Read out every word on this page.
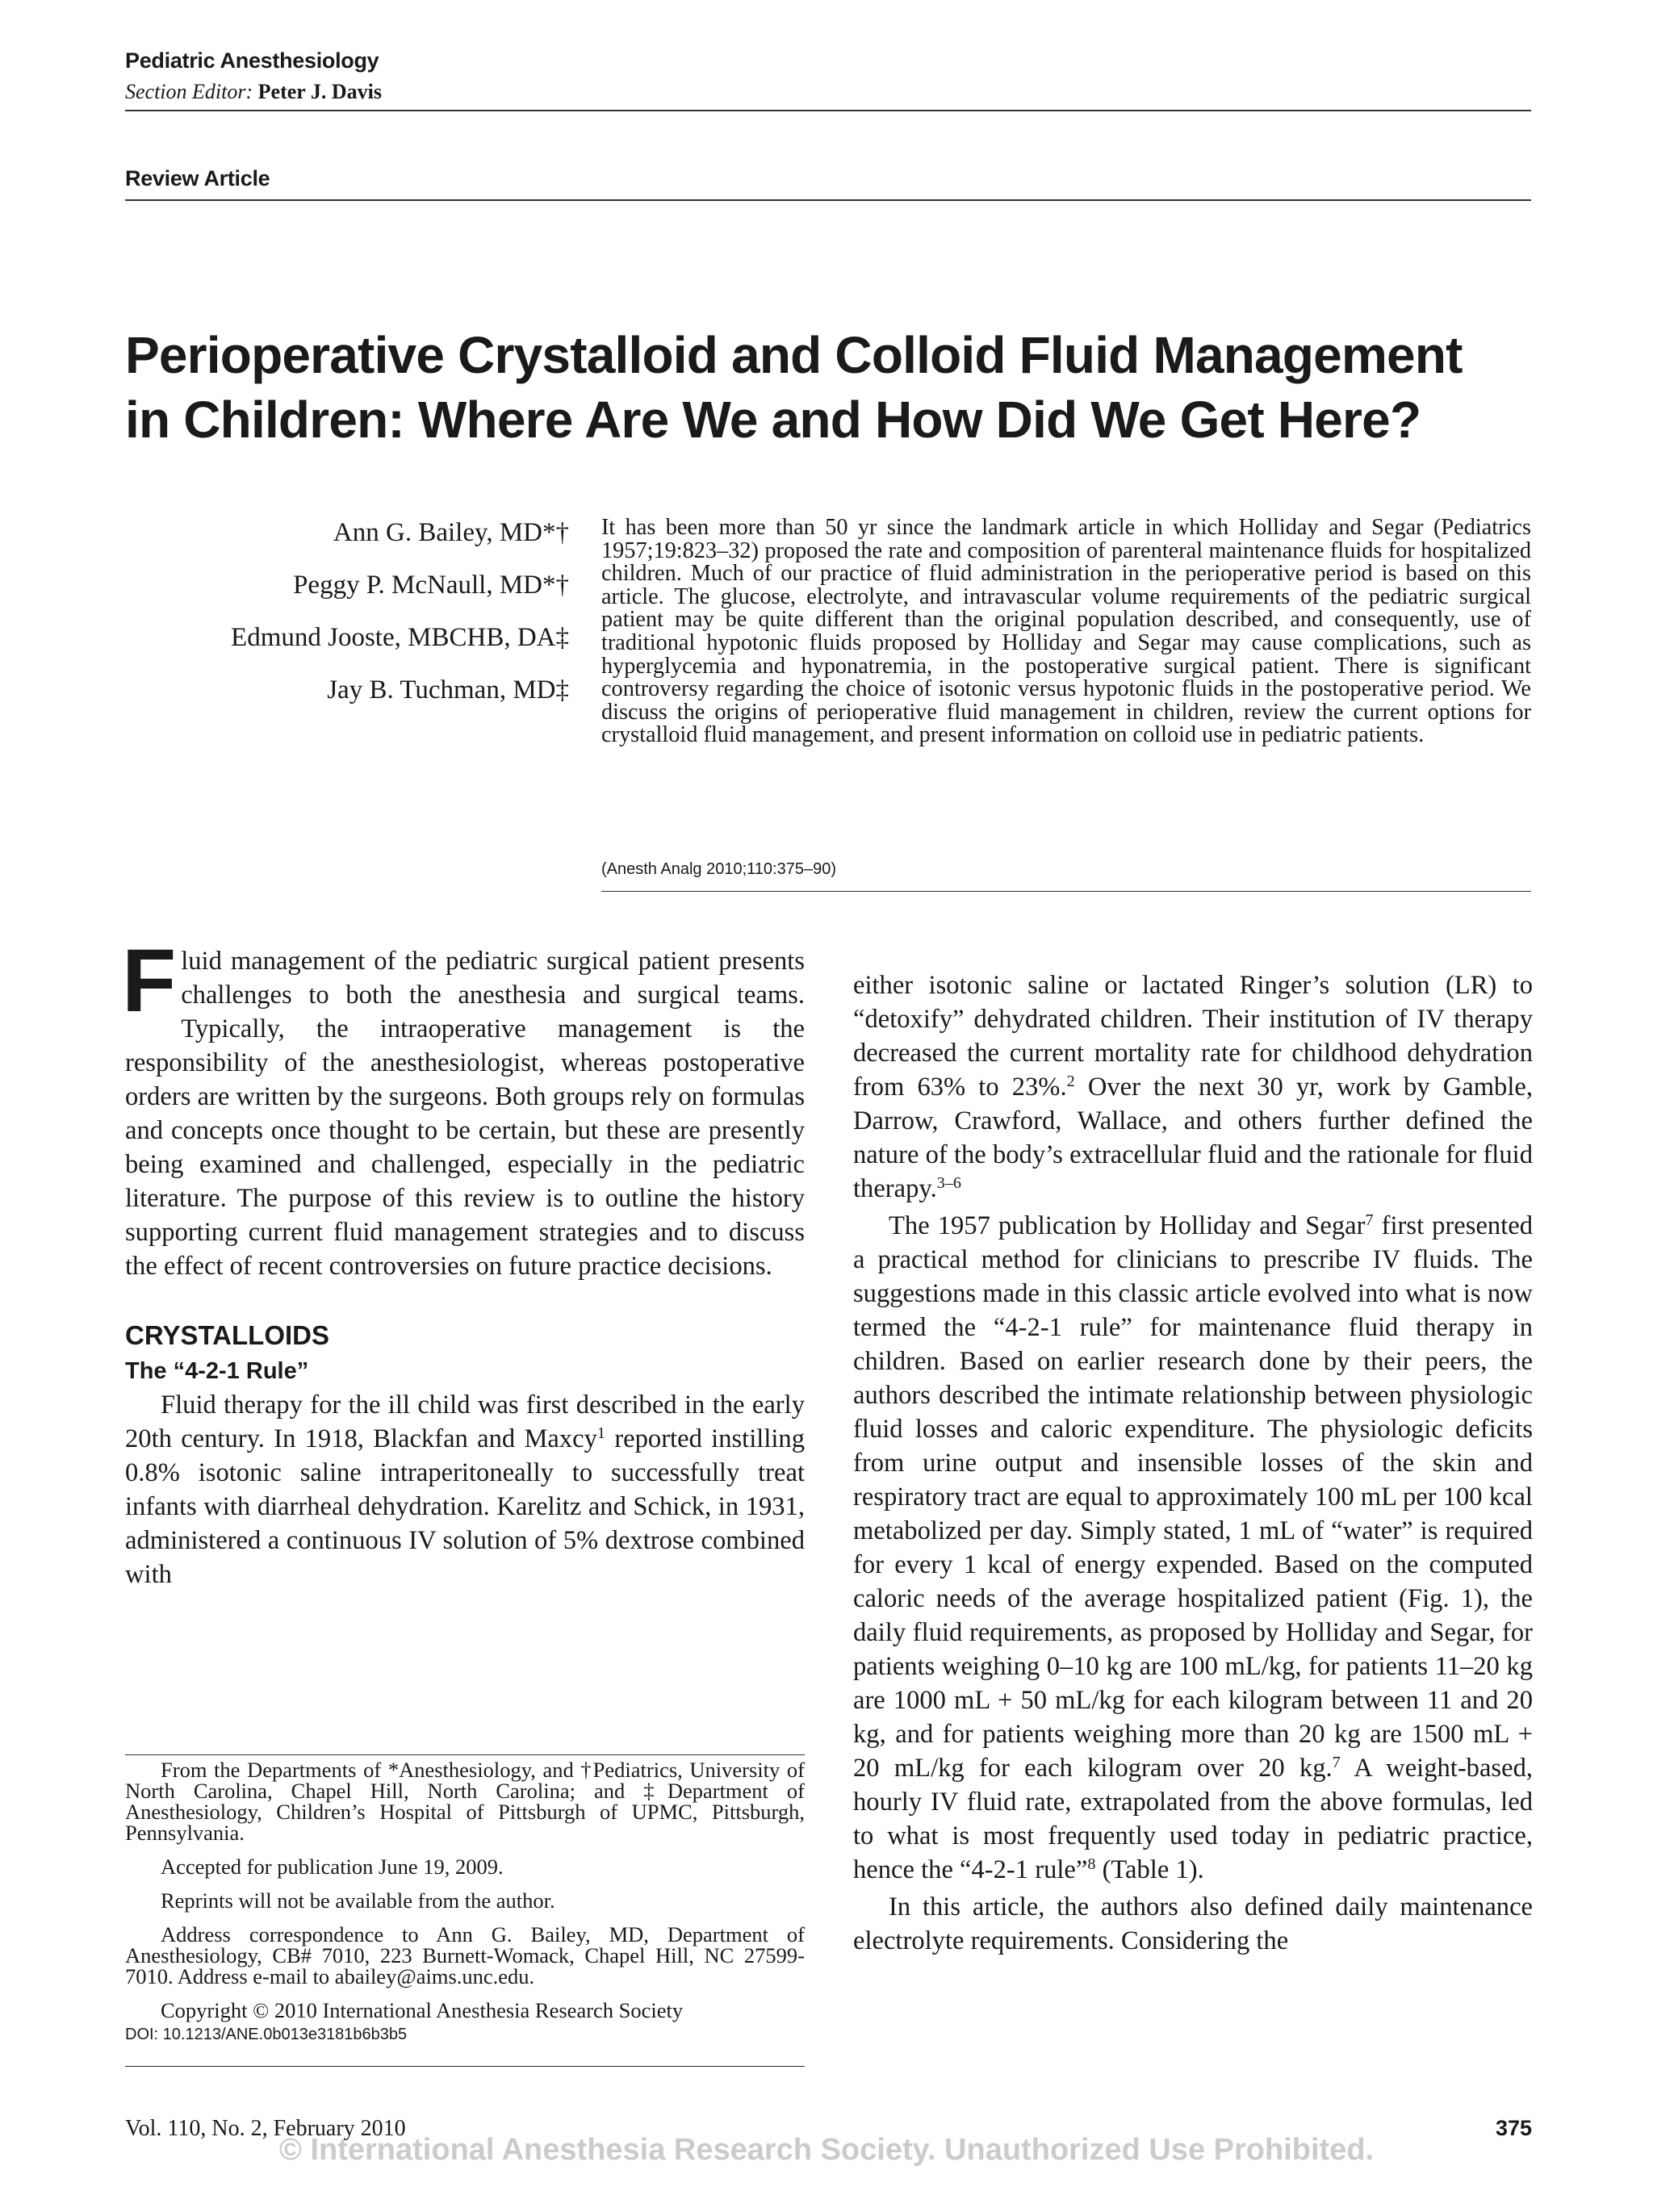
Pediatric Anesthesiology
Section Editor: Peter J. Davis
Review Article
Perioperative Crystalloid and Colloid Fluid Management
in Children: Where Are We and How Did We Get Here?
Ann G. Bailey, MD*†
Peggy P. McNaull, MD*†
Edmund Jooste, MBCHB, DA‡
Jay B. Tuchman, MD‡
It has been more than 50 yr since the landmark article in which Holliday and Segar (Pediatrics 1957;19:823–32) proposed the rate and composition of parenteral maintenance fluids for hospitalized children. Much of our practice of fluid administration in the perioperative period is based on this article. The glucose, electrolyte, and intravascular volume requirements of the pediatric surgical patient may be quite different than the original population described, and consequently, use of traditional hypotonic fluids proposed by Holliday and Segar may cause complications, such as hyperglycemia and hyponatremia, in the postoperative surgical patient. There is significant controversy regarding the choice of isotonic versus hypotonic fluids in the postoperative period. We discuss the origins of perioperative fluid management in children, review the current options for crystalloid fluid management, and present information on colloid use in pediatric patients.
(Anesth Analg 2010;110:375–90)

Fluid management of the pediatric surgical patient presents challenges to both the anesthesia and surgical teams. Typically, the intraoperative management is the responsibility of the anesthesiologist, whereas postoperative orders are written by the surgeons. Both groups rely on formulas and concepts once thought to be certain, but these are presently being examined and challenged, especially in the pediatric literature. The purpose of this review is to outline the history supporting current fluid management strategies and to discuss the effect of recent controversies on future practice decisions.

CRYSTALLOIDS

The “4-2-1 Rule”

Fluid therapy for the ill child was first described in the early 20th century. In 1918, Blackfan and Maxcy$^1$ reported instilling 0.8% isotonic saline intraperitoneally to successfully treat infants with diarrheal dehydration. Karelitz and Schick, in 1931, administered a continuous IV solution of 5% dextrose combined with

either isotonic saline or lactated Ringer’s solution (LR) to “detoxify” dehydrated children. Their institution of IV therapy decreased the current mortality rate for childhood dehydration from 63% to 23%.$^2$ Over the next 30 yr, work by Gamble, Darrow, Crawford, Wallace, and others further defined the nature of the body’s extracellular fluid and the rationale for fluid therapy.$^{3-6}$

The 1957 publication by Holliday and Segar$^7$ first presented a practical method for clinicians to prescribe IV fluids. The suggestions made in this classic article evolved into what is now termed the “4-2-1 rule” for maintenance fluid therapy in children. Based on earlier research done by their peers, the authors described the intimate relationship between physiologic fluid losses and caloric expenditure. The physiologic deficits from urine output and insensible losses of the skin and respiratory tract are equal to approximately 100 mL per 100 kcal metabolized per day. Simply stated, 1 mL of “water” is required for every 1 kcal of energy expended. Based on the computed caloric needs of the average hospitalized patient (Fig. 1), the daily fluid requirements, as proposed by Holliday and Segar, for patients weighing 0–10 kg are 100 mL/kg, for patients 11–20 kg are 1000 mL + 50 mL/kg for each kilogram between 11 and 20 kg, and for patients weighing more than 20 kg are 1500 mL + 20 mL/kg for each kilogram over 20 kg.$^7$ A weight-based, hourly IV fluid rate, extrapolated from the above formulas, led to what is most frequently used today in pediatric practice, hence the “4-2-1 rule”$^8$ (Table 1).

In this article, the authors also defined daily maintenance electrolyte requirements. Considering the

From the Departments of *Anesthesiology, and †Pediatrics, University of North Carolina, Chapel Hill, North Carolina; and ‡Department of Anesthesiology, Children’s Hospital of Pittsburgh of UPMC, Pittsburgh, Pennsylvania.

Accepted for publication June 19, 2009.

Reprints will not be available from the author.

Address correspondence to Ann G. Bailey, MD, Department of Anesthesiology, CB# 7010, 223 Burnett-Womack, Chapel Hill, NC 27599-7010. Address e-mail to abailey@aims.unc.edu.

Copyright © 2010 International Anesthesia Research Society

DOI: 10.1213/ANE.0b013e3181b6b3b5

Vol. 110, No. 2, February 2010	375
© International Anesthesia Research Society. Unauthorized Use Prohibited.
